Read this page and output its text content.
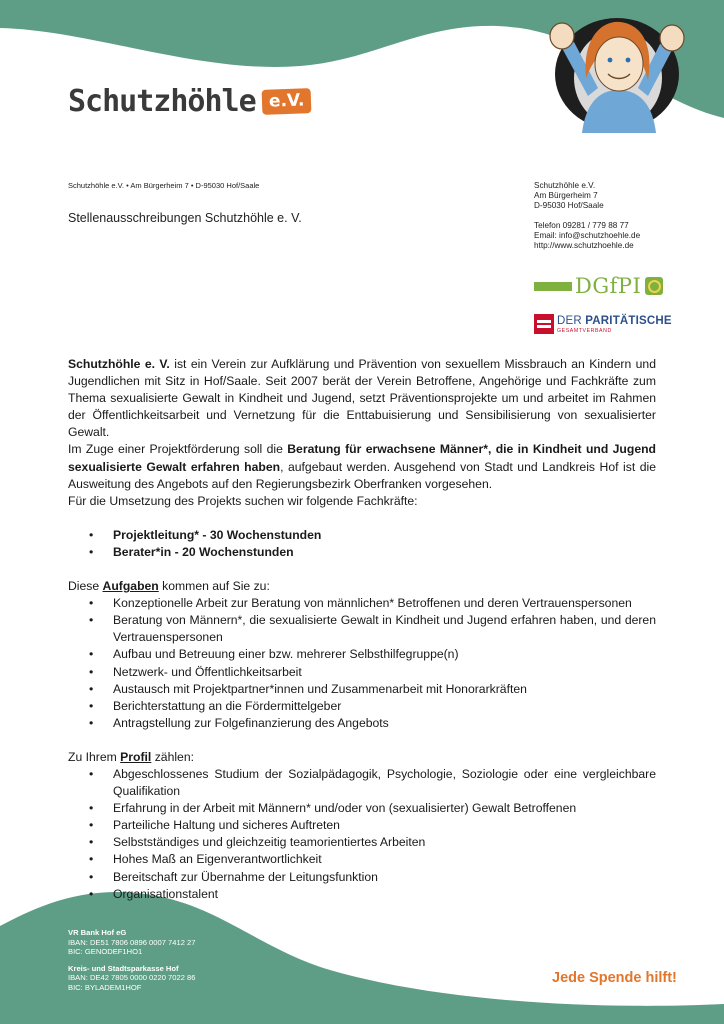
Schutzhöhle e.V.
Schutzhöhle e.V. • Am Bürgerheim 7 • D-95030 Hof/Saale
Stellenausschreibungen Schutzhöhle e. V.
Schutzhöhle e.V.
Am Bürgerheim 7
D-95030 Hof/Saale
Telefon 09281 / 779 88 77
Email: info@schutzhoehle.de
http://www.schutzhoehle.de
DGfPI
DER PARITÄTISCHE
GESAMTVERBAND

Schutzhöhle e. V. ist ein Verein zur Aufklärung und Prävention von sexuellem Missbrauch an Kindern und Jugendlichen mit Sitz in Hof/Saale. Seit 2007 berät der Verein Betroffene, Angehörige und Fachkräfte zum Thema sexualisierte Gewalt in Kindheit und Jugend, setzt Präventionsprojekte um und arbeitet im Rahmen der Öffentlichkeitsarbeit und Vernetzung für die Enttabuisierung und Sensibilisierung von sexualisierter Gewalt.

Im Zuge einer Projektförderung soll die Beratung für erwachsene Männer*, die in Kindheit und Jugend sexualisierte Gewalt erfahren haben, aufgebaut werden. Ausgehend von Stadt und Landkreis Hof ist die Ausweitung des Angebots auf den Regierungsbezirk Oberfranken vorgesehen.

Für die Umsetzung des Projekts suchen wir folgende Fachkräfte:

• Projektleitung* - 30 Wochenstunden
• Berater*in - 20 Wochenstunden

Diese Aufgaben kommen auf Sie zu:

• Konzeptionelle Arbeit zur Beratung von männlichen* Betroffenen und deren Vertrauenspersonen
• Beratung von Männern*, die sexualisierte Gewalt in Kindheit und Jugend erfahren haben, und deren Vertrauenspersonen
• Aufbau und Betreuung einer bzw. mehrerer Selbsthilfegruppe(n)
• Netzwerk- und Öffentlichkeitsarbeit
• Austausch mit Projektpartner*innen und Zusammenarbeit mit Honorarkräften
• Berichterstattung an die Fördermittelgeber
• Antragstellung zur Folgefinanzierung des Angebots

Zu Ihrem Profil zählen:

• Abgeschlossenes Studium der Sozialpädagogik, Psychologie, Soziologie oder eine vergleichbare Qualifikation
• Erfahrung in der Arbeit mit Männern* und/oder von (sexualisierter) Gewalt Betroffenen
• Parteiliche Haltung und sicheres Auftreten
• Selbstständiges und gleichzeitig teamorientiertes Arbeiten
• Hohes Maß an Eigenverantwortlichkeit
• Bereitschaft zur Übernahme der Leitungsfunktion
• Organisationstalent
VR Bank Hof eG
IBAN: DE51 7806 0896 0007 7412 27
BIC: GENODEF1HO1
Kreis- und Stadtsparkasse Hof
IBAN: DE42 7805 0000 0220 7022 86
BIC: BYLADEM1HOF
Jede Spende hilft!
